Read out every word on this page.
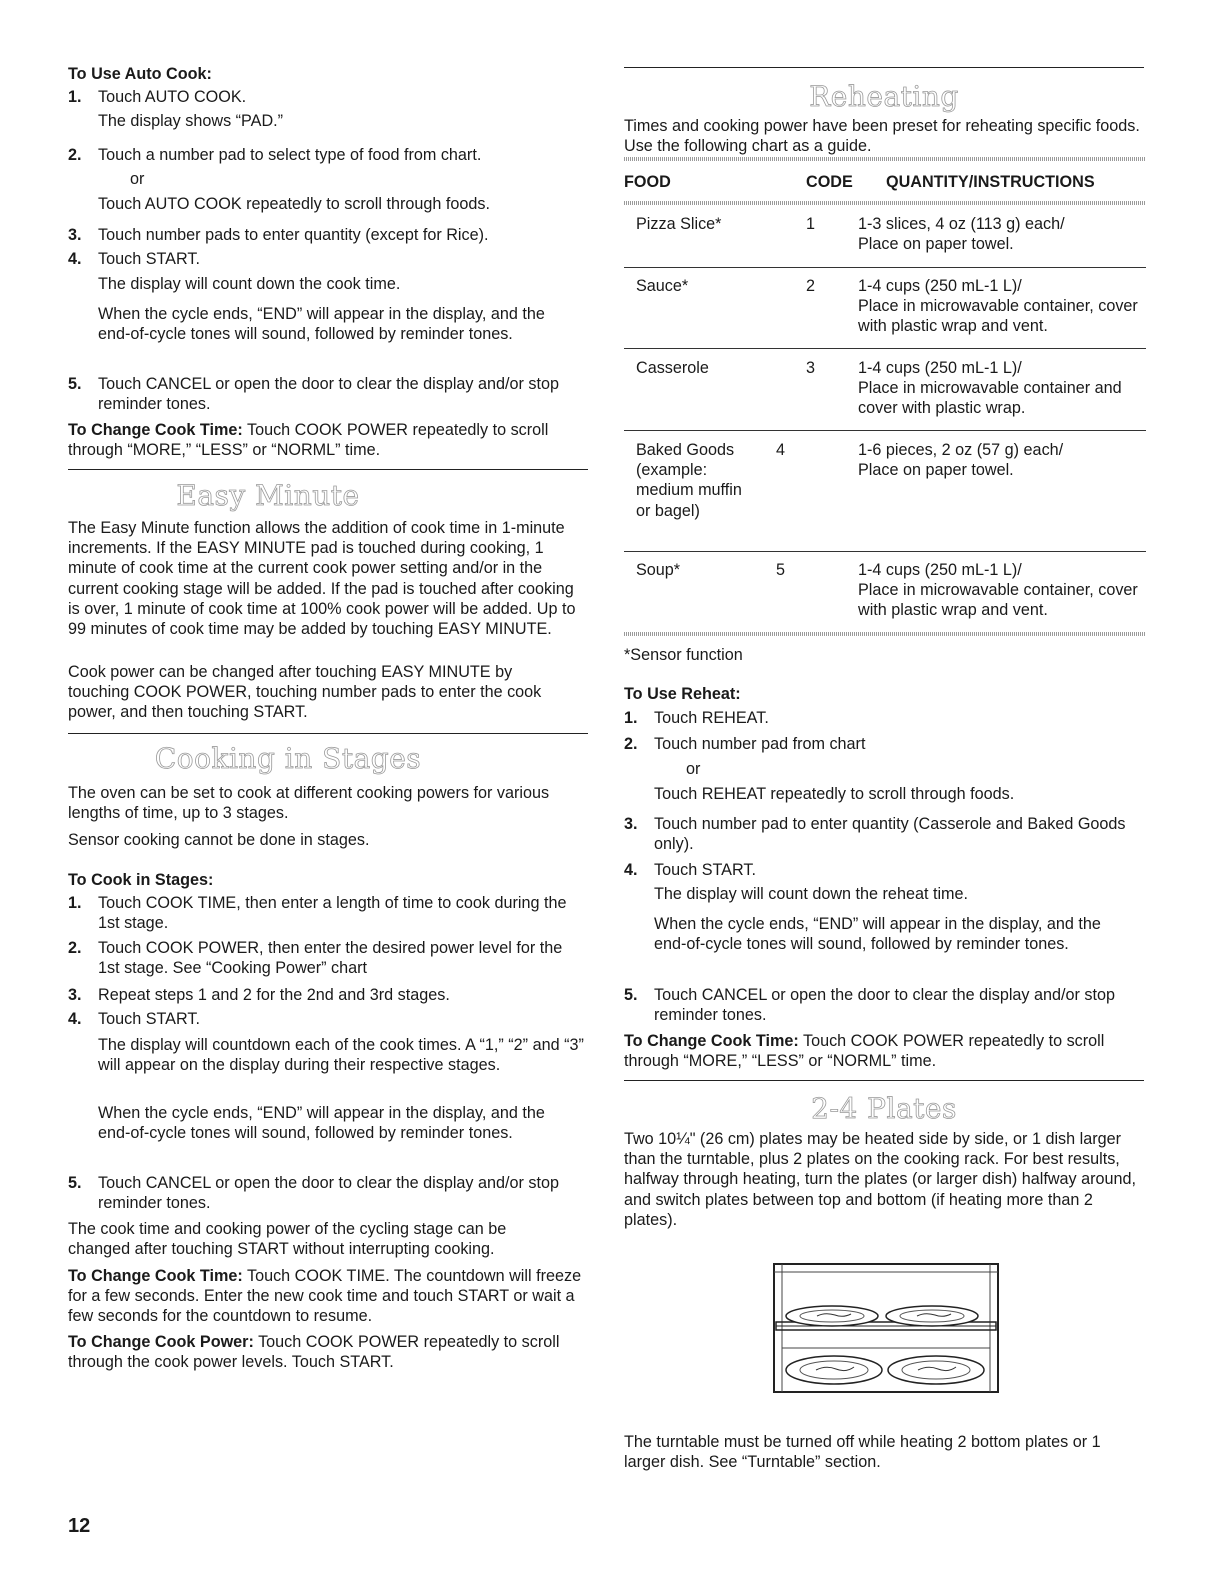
To Use Auto Cook:
1. Touch AUTO COOK.
The display shows “PAD.”
2. Touch a number pad to select type of food from chart.
or
Touch AUTO COOK repeatedly to scroll through foods.
3. Touch number pads to enter quantity (except for Rice).
4. Touch START.
The display will count down the cook time.
When the cycle ends, “END” will appear in the display, and the end-of-cycle tones will sound, followed by reminder tones.
5. Touch CANCEL or open the door to clear the display and/or stop reminder tones.

To Change Cook Time: Touch COOK POWER repeatedly to scroll through “MORE,” “LESS” or “NORML” time.

Easy Minute

The Easy Minute function allows the addition of cook time in 1-minute increments. If the EASY MINUTE pad is touched during cooking, 1 minute of cook time at the current cook power setting and/or in the current cooking stage will be added. If the pad is touched after cooking is over, 1 minute of cook time at 100% cook power will be added. Up to 99 minutes of cook time may be added by touching EASY MINUTE.

Cook power can be changed after touching EASY MINUTE by touching COOK POWER, touching number pads to enter the cook power, and then touching START.

Cooking in Stages

The oven can be set to cook at different cooking powers for various lengths of time, up to 3 stages.

Sensor cooking cannot be done in stages.

To Cook in Stages:
1. Touch COOK TIME, then enter a length of time to cook during the 1st stage.
2. Touch COOK POWER, then enter the desired power level for the 1st stage. See “Cooking Power” chart
3. Repeat steps 1 and 2 for the 2nd and 3rd stages.
4. Touch START.
The display will countdown each of the cook times. A “1,” “2” and “3” will appear on the display during their respective stages.
When the cycle ends, “END” will appear in the display, and the end-of-cycle tones will sound, followed by reminder tones.
5. Touch CANCEL or open the door to clear the display and/or stop reminder tones.

The cook time and cooking power of the cycling stage can be changed after touching START without interrupting cooking.

To Change Cook Time: Touch COOK TIME. The countdown will freeze for a few seconds. Enter the new cook time and touch START or wait a few seconds for the countdown to resume.

To Change Cook Power: Touch COOK POWER repeatedly to scroll through the cook power levels. Touch START.

Reheating

Times and cooking power have been preset for reheating specific foods. Use the following chart as a guide.

FOOD	CODE QUANTITY/INSTRUCTIONS
Pizza Slice*	1	1-3 slices, 4 oz (113 g) each/
Place on paper towel.
Sauce*	2	1-4 cups (250 mL-1 L)/
Place in microwavable container, cover with plastic wrap and vent.
Casserole	3	1-4 cups (250 mL-1 L)/
Place in microwavable container and cover with plastic wrap.
Baked Goods (example: medium muffin or bagel)
4	1-6 pieces, 2 oz (57 g) each/
Place on paper towel.
Soup*	5	1-4 cups (250 mL-1 L)/
Place in microwavable container, cover with plastic wrap and vent.
*Sensor function
To Use Reheat:
1. Touch REHEAT.
2. Touch number pad from chart
or
Touch REHEAT repeatedly to scroll through foods.
3. Touch number pad to enter quantity (Casserole and Baked Goods only).
4. Touch START.
The display will count down the reheat time.
When the cycle ends, “END” will appear in the display, and the end-of-cycle tones will sound, followed by reminder tones.
5. Touch CANCEL or open the door to clear the display and/or stop reminder tones.

To Change Cook Time: Touch COOK POWER repeatedly to scroll through “MORE,” “LESS” or “NORML” time.

2-4 Plates

Two 10¼" (26 cm) plates may be heated side by side, or 1 dish larger than the turntable, plus 2 plates on the cooking rack. For best results, halfway through heating, turn the plates (or larger dish) halfway around, and switch plates between top and bottom (if heating more than 2 plates).

The turntable must be turned off while heating 2 bottom plates or 1 larger dish. See “Turntable” section.

12
